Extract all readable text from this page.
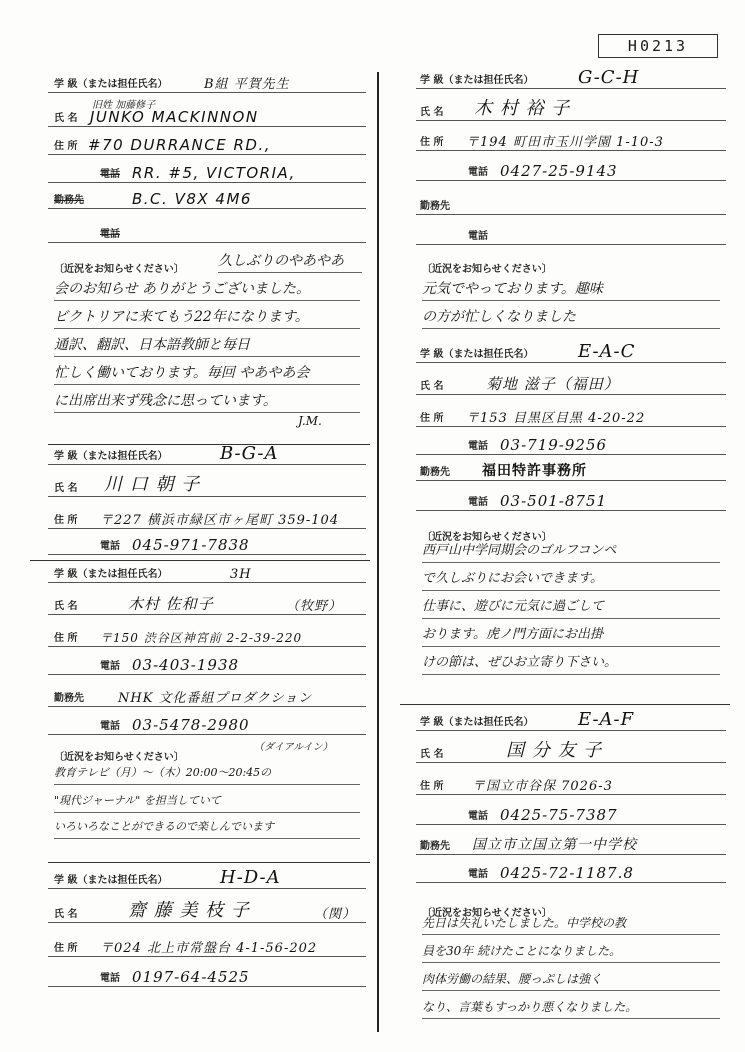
H0213
学 級（または担任氏名）	B組 平賀先生
旧姓 加藤修子
氏 名 JUNKO MACKINNON
住 所 #70 DURRANCE RD.,
電話 RR. #5, VICTORIA,
勤務先	B.C. V8X 4M6
電話
〔近況をお知らせください〕
久しぶりのやあやあ
会のお知らせ ありがとうございました。
ビクトリアに来てもう22年になります。
通訳、翻訳、日本語教師と毎日
忙しく働いております。毎回 やあやあ会
に出席出来ず残念に思っています。
J.M.
学 級（または担任氏名）	B-G-A
氏 名 川 口 朝 子
住 所 〒227 横浜市緑区市ヶ尾町 359-104
電話 045-971-7838
学 級（または担任氏名）	3H
氏 名	木村 佐和子	（牧野）
住 所 〒150 渋谷区神宮前 2-2-39-220
電話 03-403-1938
勤務先	NHK 文化番組プロダクション
電話 03-5478-2980
（ダイアルイン）
〔近況をお知らせください〕
教育テレビ（月）～（木）20:00～20:45の
"現代ジャーナル" を担当していて
いろいろなことができるので楽しんでいます
学 級（または担任氏名）	H-D-A
氏 名	齋 藤 美 枝 子	（関）
住 所 〒024 北上市常盤台 4-1-56-202
電話 0197-64-4525
学 級（または担任氏名） G-C-H
氏 名 木 村 裕 子
住 所 〒194 町田市玉川学園 1-10-3
電話 0427-25-9143
勤務先
電話
〔近況をお知らせください〕
元気でやっております。趣味
の方が忙しくなりました
学 級（または担任氏名） E-A-C
氏 名	菊地 滋子（福田）
住 所 〒153 目黒区目黒 4-20-22
電話 03-719-9256
勤務先 福田特許事務所
電話 03-501-8751
〔近況をお知らせください〕
西戸山中学同期会のゴルフコンペ
で久しぶりにお会いできます。
仕事に、遊びに元気に過ごして
おります。虎ノ門方面にお出掛
けの節は、ぜひお立寄り下さい。
学 級（または担任氏名） E-A-F
氏 名	国 分 友 子
住 所 〒国立市谷保 7026-3
電話 0425-75-7387
勤務先 国立市立国立第一中学校
電話 0425-72-1187.8
〔近況をお知らせください〕
先日は失礼いたしました。中学校の教
員を30年 続けたことになりました。
肉体労働の結果、腰っぷしは強く
なり、言葉もすっかり悪くなりました。
